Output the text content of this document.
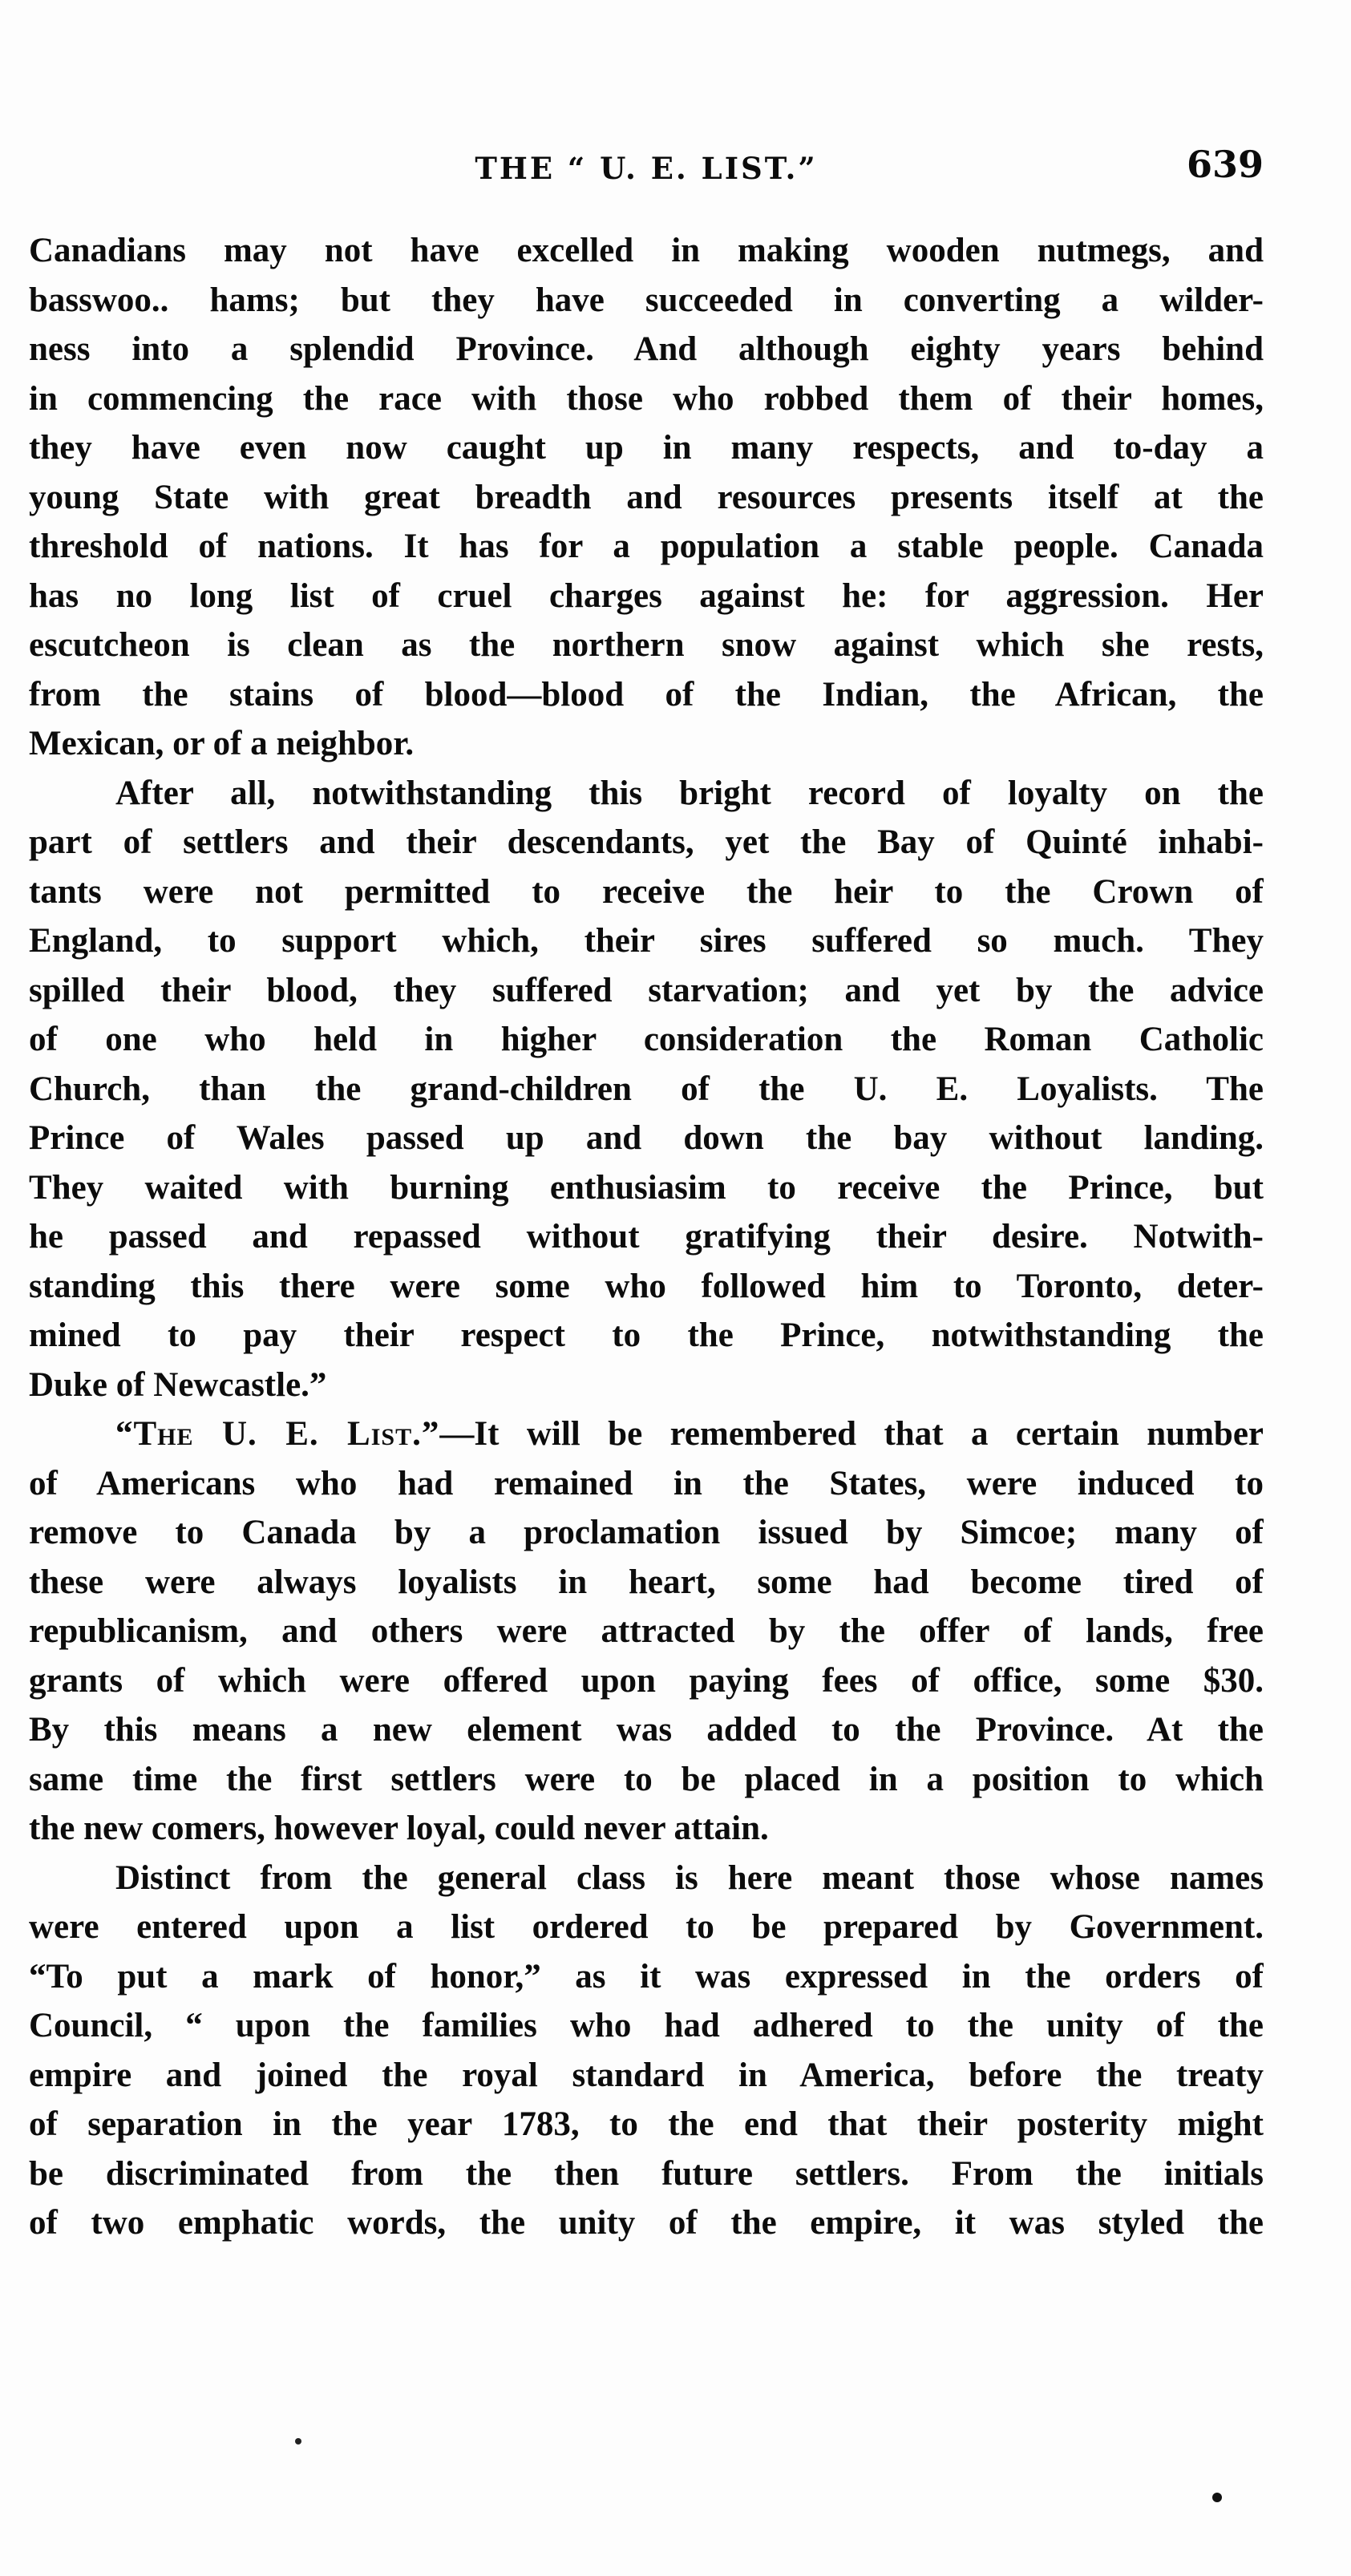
THE “ U. E. LIST.”	639
Canadians may not have excelled in making wooden nutmegs, and
basswoo.. hams; but they have succeeded in converting a wilder-
ness into a splendid Province. And although eighty years behind
in commencing the race with those who robbed them of their homes,
they have even now caught up in many respects, and to-day a
young State with great breadth and resources presents itself at the
threshold of nations. It has for a population a stable people. Canada
has no long list of cruel charges against he: for aggression. Her
escutcheon is clean as the northern snow against which she rests,
from the stains of blood—blood of the Indian, the African, the
Mexican, or of a neighbor.
After all, notwithstanding this bright record of loyalty on the
part of settlers and their descendants, yet the Bay of Quinté inhabi-
tants were not permitted to receive the heir to the Crown of
England, to support which, their sires suffered so much. They
spilled their blood, they suffered starvation; and yet by the advice
of one who held in higher consideration the Roman Catholic
Church, than the grand-children of the U. E. Loyalists. The
Prince of Wales passed up and down the bay without landing.
They waited with burning enthusiasim to receive the Prince, but
he passed and repassed without gratifying their desire. Notwith-
standing this there were some who followed him to Toronto, deter-
mined to pay their respect to the Prince, notwithstanding the
Duke of Newcastle.”
“The U. E. List.”—It will be remembered that a certain number
of Americans who had remained in the States, were induced to
remove to Canada by a proclamation issued by Simcoe; many of
these were always loyalists in heart, some had become tired of
republicanism, and others were attracted by the offer of lands, free
grants of which were offered upon paying fees of office, some $30.
By this means a new element was added to the Province. At the
same time the first settlers were to be placed in a position to which
the new comers, however loyal, could never attain.
Distinct from the general class is here meant those whose names
were entered upon a list ordered to be prepared by Government.
“To put a mark of honor,” as it was expressed in the orders of
Council, “ upon the families who had adhered to the unity of the
empire and joined the royal standard in America, before the treaty
of separation in the year 1783, to the end that their posterity might
be discriminated from the then future settlers. From the initials
of two emphatic words, the unity of the empire, it was styled the
